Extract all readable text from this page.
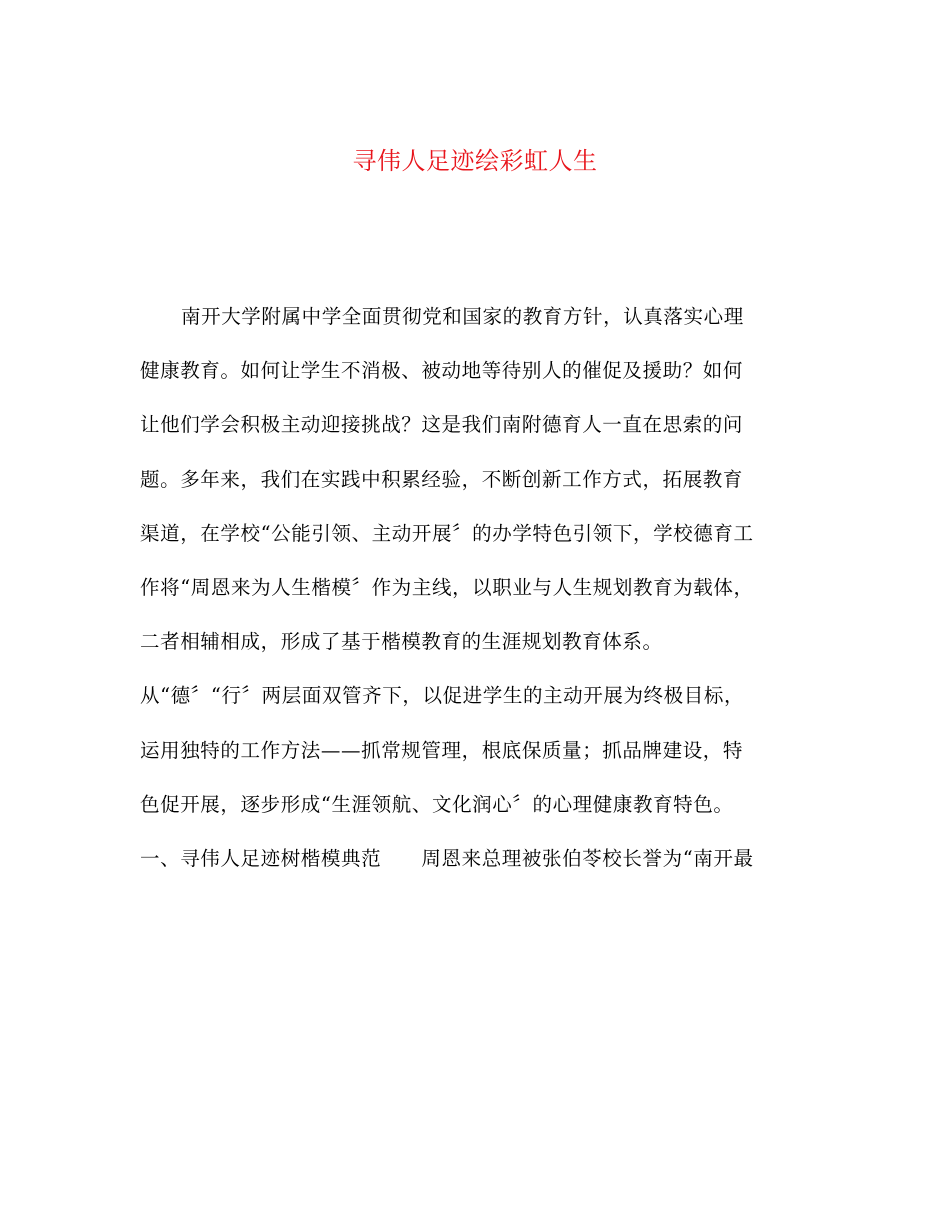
寻伟人足迹绘彩虹人生
南开大学附属中学全面贯彻党和国家的教育方针，认真落实心理
健康教育。如何让学生不消极、被动地等待别人的催促及援助？如何
让他们学会积极主动迎接挑战？这是我们南附德育人一直在思索的问
题。多年来，我们在实践中积累经验，不断创新工作方式，拓展教育
渠道，在学校“公能引领、主动开展〞的办学特色引领下，学校德育工
作将“周恩来为人生楷模〞作为主线，以职业与人生规划教育为载体，
二者相辅相成，形成了基于楷模教育的生涯规划教育体系。
从“德〞“行〞两层面双管齐下，以促进学生的主动开展为终极目标，
运用独特的工作方法——抓常规管理，根底保质量；抓品牌建设，特
色促开展，逐步形成“生涯领航、文化润心〞的心理健康教育特色。
一、寻伟人足迹树楷模典范　　周恩来总理被张伯苓校长誉为“南开最
